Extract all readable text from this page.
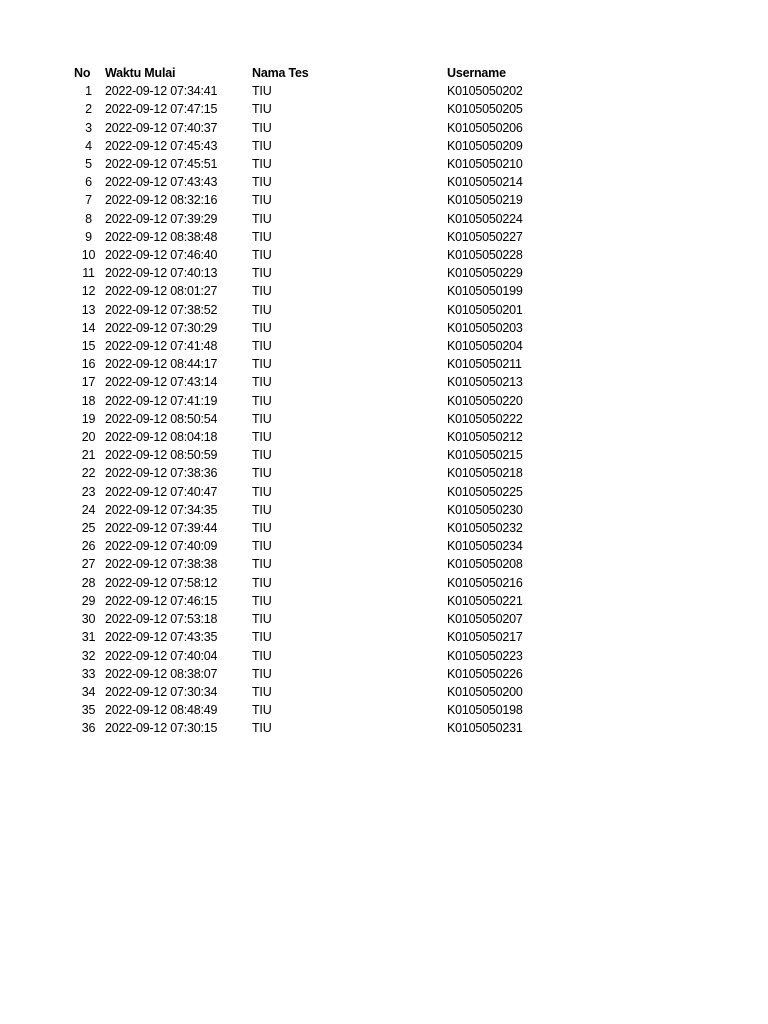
No	Waktu Mulai	Nama Tes	Username
1	2022-09-12 07:34:41	TIU	K0105050202
2	2022-09-12 07:47:15	TIU	K0105050205
3	2022-09-12 07:40:37	TIU	K0105050206
4	2022-09-12 07:45:43	TIU	K0105050209
5	2022-09-12 07:45:51	TIU	K0105050210
6	2022-09-12 07:43:43	TIU	K0105050214
7	2022-09-12 08:32:16	TIU	K0105050219
8	2022-09-12 07:39:29	TIU	K0105050224
9	2022-09-12 08:38:48	TIU	K0105050227
10	2022-09-12 07:46:40	TIU	K0105050228
11	2022-09-12 07:40:13	TIU	K0105050229
12	2022-09-12 08:01:27	TIU	K0105050199
13	2022-09-12 07:38:52	TIU	K0105050201
14	2022-09-12 07:30:29	TIU	K0105050203
15	2022-09-12 07:41:48	TIU	K0105050204
16	2022-09-12 08:44:17	TIU	K0105050211
17	2022-09-12 07:43:14	TIU	K0105050213
18	2022-09-12 07:41:19	TIU	K0105050220
19	2022-09-12 08:50:54	TIU	K0105050222
20	2022-09-12 08:04:18	TIU	K0105050212
21	2022-09-12 08:50:59	TIU	K0105050215
22	2022-09-12 07:38:36	TIU	K0105050218
23	2022-09-12 07:40:47	TIU	K0105050225
24	2022-09-12 07:34:35	TIU	K0105050230
25	2022-09-12 07:39:44	TIU	K0105050232
26	2022-09-12 07:40:09	TIU	K0105050234
27	2022-09-12 07:38:38	TIU	K0105050208
28	2022-09-12 07:58:12	TIU	K0105050216
29	2022-09-12 07:46:15	TIU	K0105050221
30	2022-09-12 07:53:18	TIU	K0105050207
31	2022-09-12 07:43:35	TIU	K0105050217
32	2022-09-12 07:40:04	TIU	K0105050223
33	2022-09-12 08:38:07	TIU	K0105050226
34	2022-09-12 07:30:34	TIU	K0105050200
35	2022-09-12 08:48:49	TIU	K0105050198
36	2022-09-12 07:30:15	TIU	K0105050231
